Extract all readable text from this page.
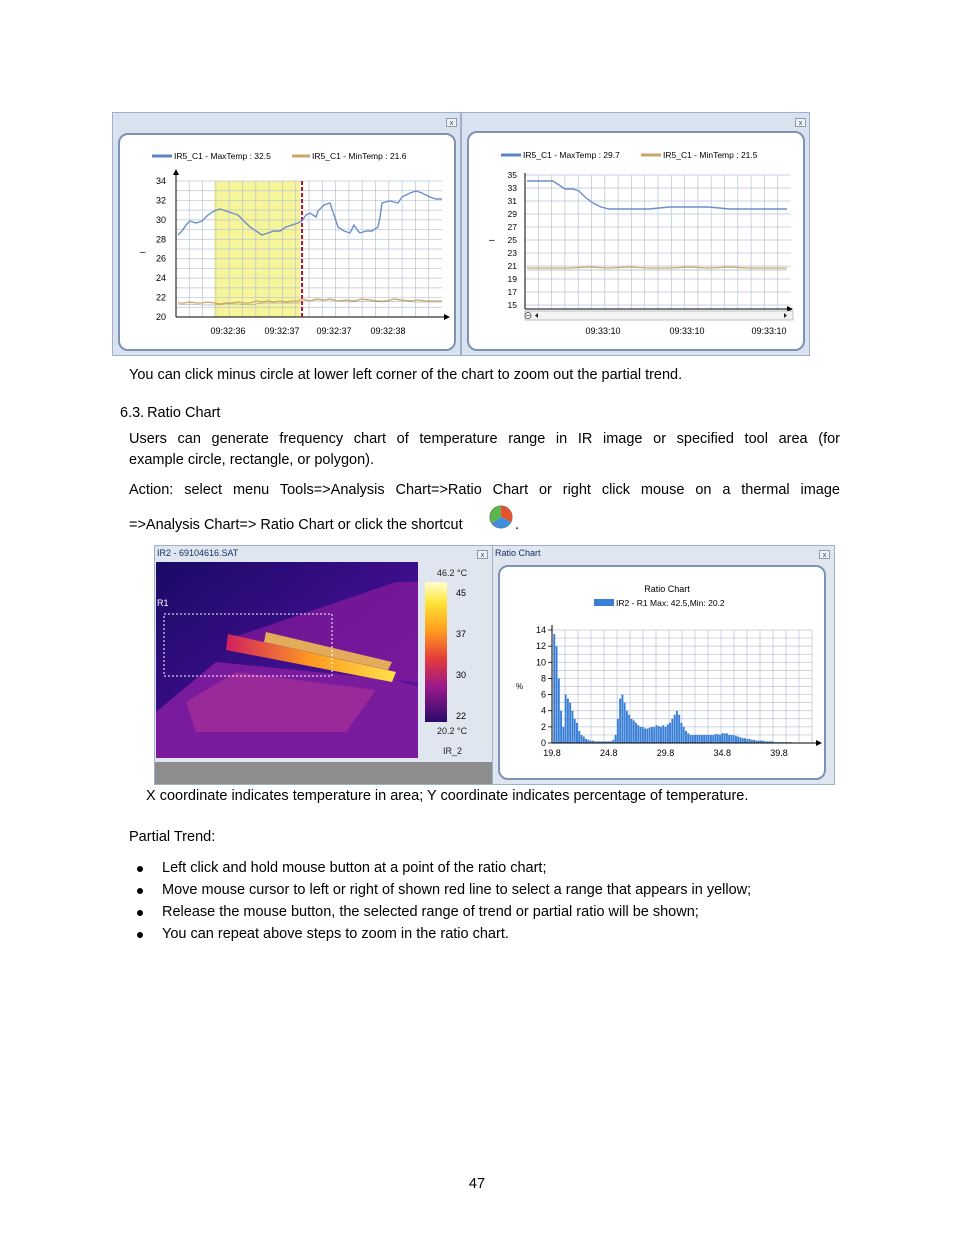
x
IR5_C1 - MaxTemp : 32.5	IR5_C1 - MinTemp : 21.6
–
34
32
30
28
26
24
22
20
09:32:36 09:32:37 09:32:37 09:32:38
x
IR5_C1 - MaxTemp : 29.7	IR5_C1 - MinTemp : 21.5
–
35
33
31
29
27
25
23
21
19
17
15
09:33:10	09:33:10	09:33:10
You can click minus circle at lower left corner of the chart to zoom out the partial trend.
6.3. Ratio Chart
Users can generate frequency chart of temperature range in IR image or specified tool area (for
example circle, rectangle, or polygon).
Action: select menu Tools=>Analysis Chart=>Ratio Chart or right click mouse on a thermal image
=>Analysis Chart=> Ratio Chart or click the shortcut	.
IR2 - 69104616.SAT	x
R1
46.2 °C
45
37
30
22
20.2 °C
IR_2
Ratio Chart	x
Ratio Chart
IR2 - R1 Max: 42.5,Min: 20.2
%
14
12
10
8
6
4
2
0
19.8	24.8	29.8	34.8	39.8
X coordinate indicates temperature in area; Y coordinate indicates percentage of temperature.
Partial Trend:
Left click and hold mouse button at a point of the ratio chart;
Move mouse cursor to left or right of shown red line to select a range that appears in yellow;
Release the mouse button, the selected range of trend or partial ratio will be shown;
You can repeat above steps to zoom in the ratio chart.
47
